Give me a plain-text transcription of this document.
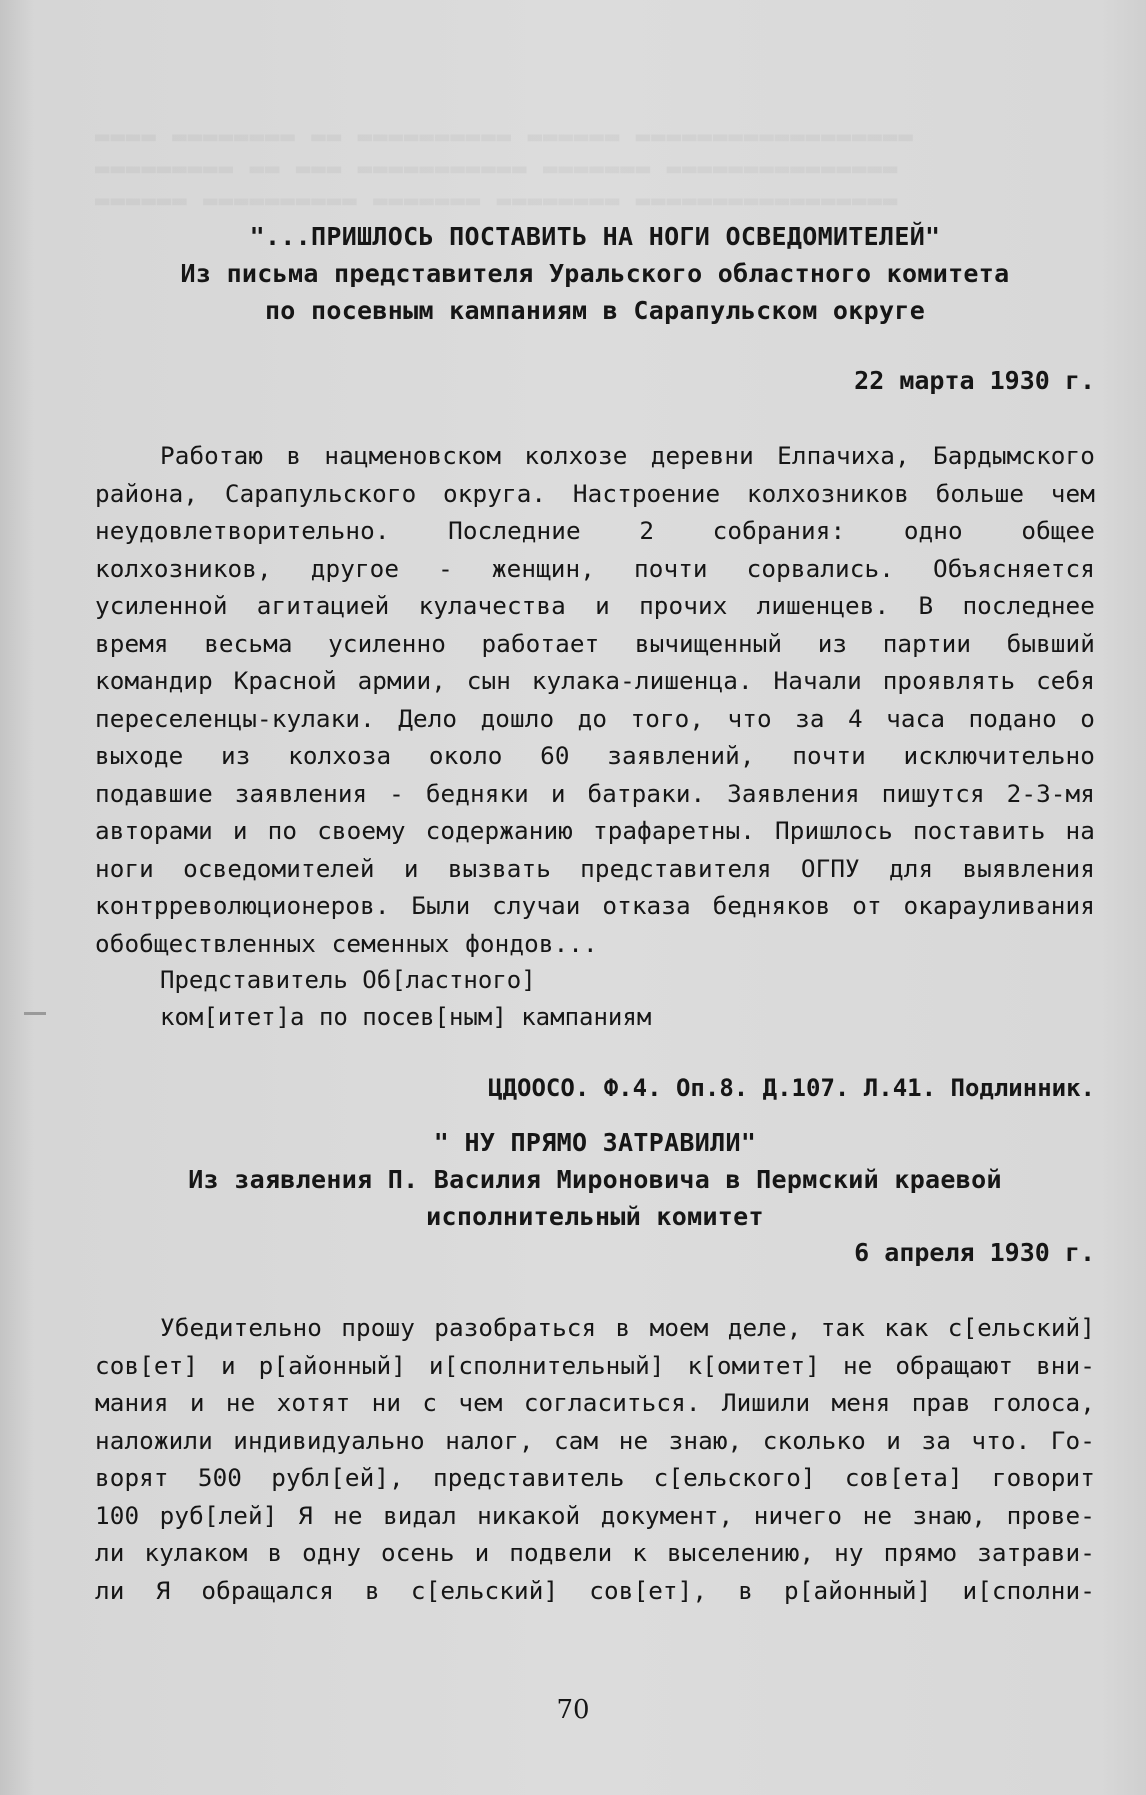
▬▬▬▬ ▬▬▬▬▬▬▬▬ ▬▬ ▬▬▬▬▬▬▬▬▬▬ ▬▬▬▬▬▬ ▬▬▬▬▬▬▬▬▬▬▬▬▬▬▬▬▬▬
▬▬▬▬▬▬▬▬▬ ▬▬ ▬▬▬ ▬▬▬▬▬▬▬▬▬▬▬ ▬▬▬▬▬▬▬ ▬▬▬▬▬▬▬▬▬▬▬▬▬▬▬
▬▬▬▬▬▬ ▬▬▬▬▬▬▬▬▬▬ ▬▬▬▬▬▬▬ ▬▬▬▬▬▬▬▬ ▬▬▬▬▬▬▬▬▬▬▬▬▬▬▬▬▬
"...ПРИШЛОСЬ ПОСТАВИТЬ НА НОГИ ОСВЕДОМИТЕЛЕЙ"
Из письма представителя Уральского областного комитета
по посевным кампаниям в Сарапульском округе
22 марта 1930 г.
Работаю в нацменовском колхозе деревни Елпачиха, Бардымского
района, Сарапульского округа. Настроение колхозников больше чем
неудовлетворительно. Последние 2 собрания: одно общее
колхозников, другое - женщин, почти сорвались. Объясняется
усиленной агитацией кулачества и прочих лишенцев. В последнее
время весьма усиленно работает вычищенный из партии бывший
командир Красной армии, сын кулака-лишенца. Начали проявлять себя
переселенцы-кулаки. Дело дошло до того, что за 4 часа подано о
выходе из колхоза около 60 заявлений, почти исключительно
подавшие заявления - бедняки и батраки. Заявления пишутся 2-3-мя
авторами и по своему содержанию трафаретны. Пришлось поставить на
ноги осведомителей и вызвать представителя ОГПУ для выявления
контрреволюционеров. Были случаи отказа бедняков от окарауливания
обобществленных семенных фондов...
Представитель Об[ластного]
ком[итет]а по посев[ным] кампаниям
ЦДООСО. Ф.4. Оп.8. Д.107. Л.41. Подлинник.
" НУ ПРЯМО ЗАТРАВИЛИ"
Из заявления П. Василия Мироновича в Пермский краевой
исполнительный комитет
6 апреля 1930 г.
Убедительно прошу разобраться в моем деле, так как с[ельский]
сов[ет] и р[айонный] и[сполнительный] к[омитет] не обращают вни-
мания и не хотят ни с чем согласиться. Лишили меня прав голоса,
наложили индивидуально налог, сам не знаю, сколько и за что. Го-
ворят 500 рубл[ей], представитель с[ельского] сов[ета] говорит
100 руб[лей] Я не видал никакой документ, ничего не знаю, прове-
ли кулаком в одну осень и подвели к выселению, ну прямо затрави-
ли Я обращался в с[ельский] сов[ет], в р[айонный] и[сполни-
70
